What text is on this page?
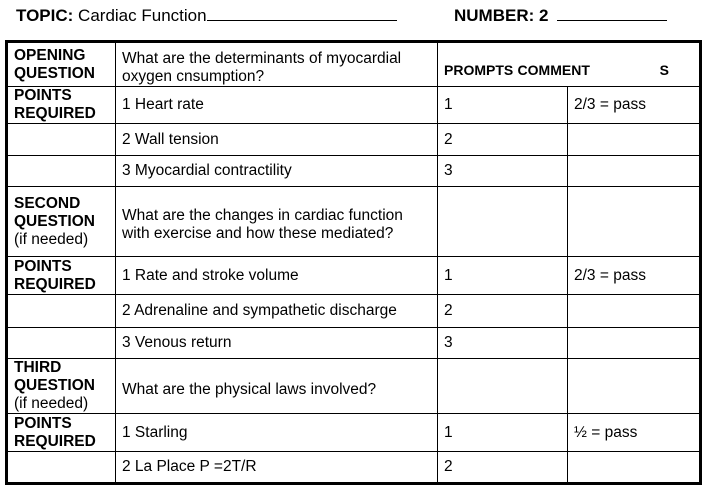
TOPIC: Cardiac Function	NUMBER: 2
OPENING QUESTION	What are the determinants of myocardial oxygen cnsumption?	PROMPTS COMMENT S	

POINTS REQUIRED	1 Heart rate	1	2/3 = pass
	2 Wall tension	2	
	3 Myocardial contractility	3	
SECOND QUESTION
(if needed)	What are the changes in cardiac function with exercise and how these mediated?		
POINTS REQUIRED	1 Rate and stroke volume	1	2/3 = pass
	2 Adrenaline and sympathetic discharge	2	
	3 Venous return	3	
THIRD QUESTION
(if needed)	What are the physical laws involved?		
POINTS REQUIRED	1 Starling	1	½ = pass
	2 La Place P =2T/R	2	
